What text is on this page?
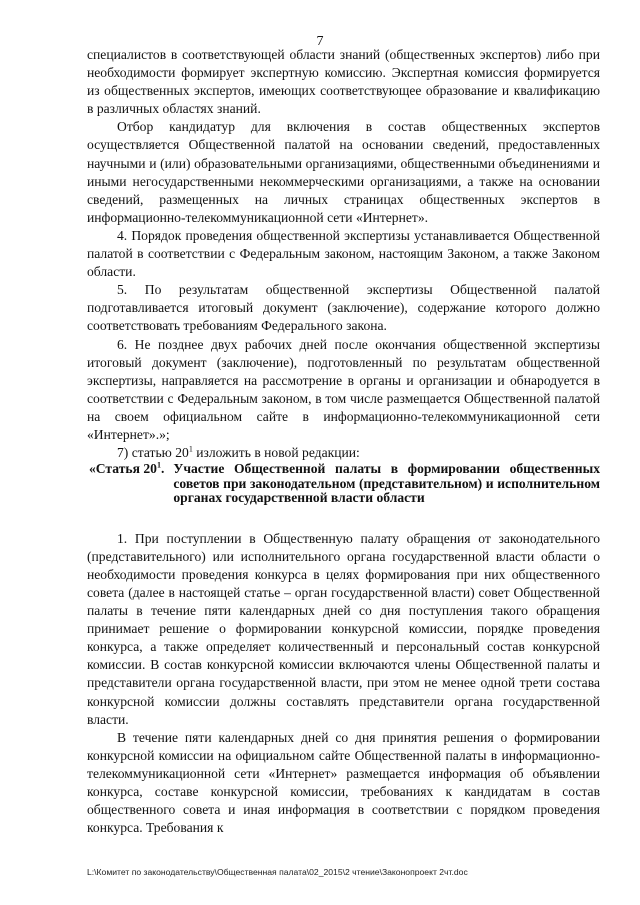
7

специалистов в соответствующей области знаний (общественных экспертов) либо при необходимости формирует экспертную комиссию. Экспертная комиссия формируется из общественных экспертов, имеющих соответствующее образование и квалификацию в различных областях знаний.

Отбор кандидатур для включения в состав общественных экспертов осуществляется Общественной палатой на основании сведений, предоставленных научными и (или) образовательными организациями, общественными объединениями и иными негосударственными некоммерческими организациями, а также на основании сведений, размещенных на личных страницах общественных экспертов в информационно-телекоммуникационной сети «Интернет».

4. Порядок проведения общественной экспертизы устанавливается Общественной палатой в соответствии с Федеральным законом, настоящим Законом, а также Законом области.

5. По результатам общественной экспертизы Общественной палатой подготавливается итоговый документ (заключение), содержание которого должно соответствовать требованиям Федерального закона.

6. Не позднее двух рабочих дней после окончания общественной экспертизы итоговый документ (заключение), подготовленный по результатам общественной экспертизы, направляется на рассмотрение в органы и организации и обнародуется в соответствии с Федеральным законом, в том числе размещается Общественной палатой на своем официальном сайте в информационно-телекоммуникационной сети «Интернет».»;

7) статью $20^1$ изложить в новой редакции:

«Статья $20^1$. Участие Общественной палаты в формировании общественных советов при законодательном (представительном) и исполнительном органах государственной власти области

1. При поступлении в Общественную палату обращения от законодательного (представительного) или исполнительного органа государственной власти области о необходимости проведения конкурса в целях формирования при них общественного совета (далее в настоящей статье – орган государственной власти) совет Общественной палаты в течение пяти календарных дней со дня поступления такого обращения принимает решение о формировании конкурсной комиссии, порядке проведения конкурса, а также определяет количественный и персональный состав конкурсной комиссии. В состав конкурсной комиссии включаются члены Общественной палаты и представители органа государственной власти, при этом не менее одной трети состава конкурсной комиссии должны составлять представители органа государственной власти.

В течение пяти календарных дней со дня принятия решения о формировании конкурсной комиссии на официальном сайте Общественной палаты в информационно-телекоммуникационной сети «Интернет» размещается информация об объявлении конкурса, составе конкурсной комиссии, требованиях к кандидатам в состав общественного совета и иная информация в соответствии с порядком проведения конкурса. Требования к

L:\Комитет по законодательству\Общественная палата\02_2015\2 чтение\Законопроект 2чт.doc
